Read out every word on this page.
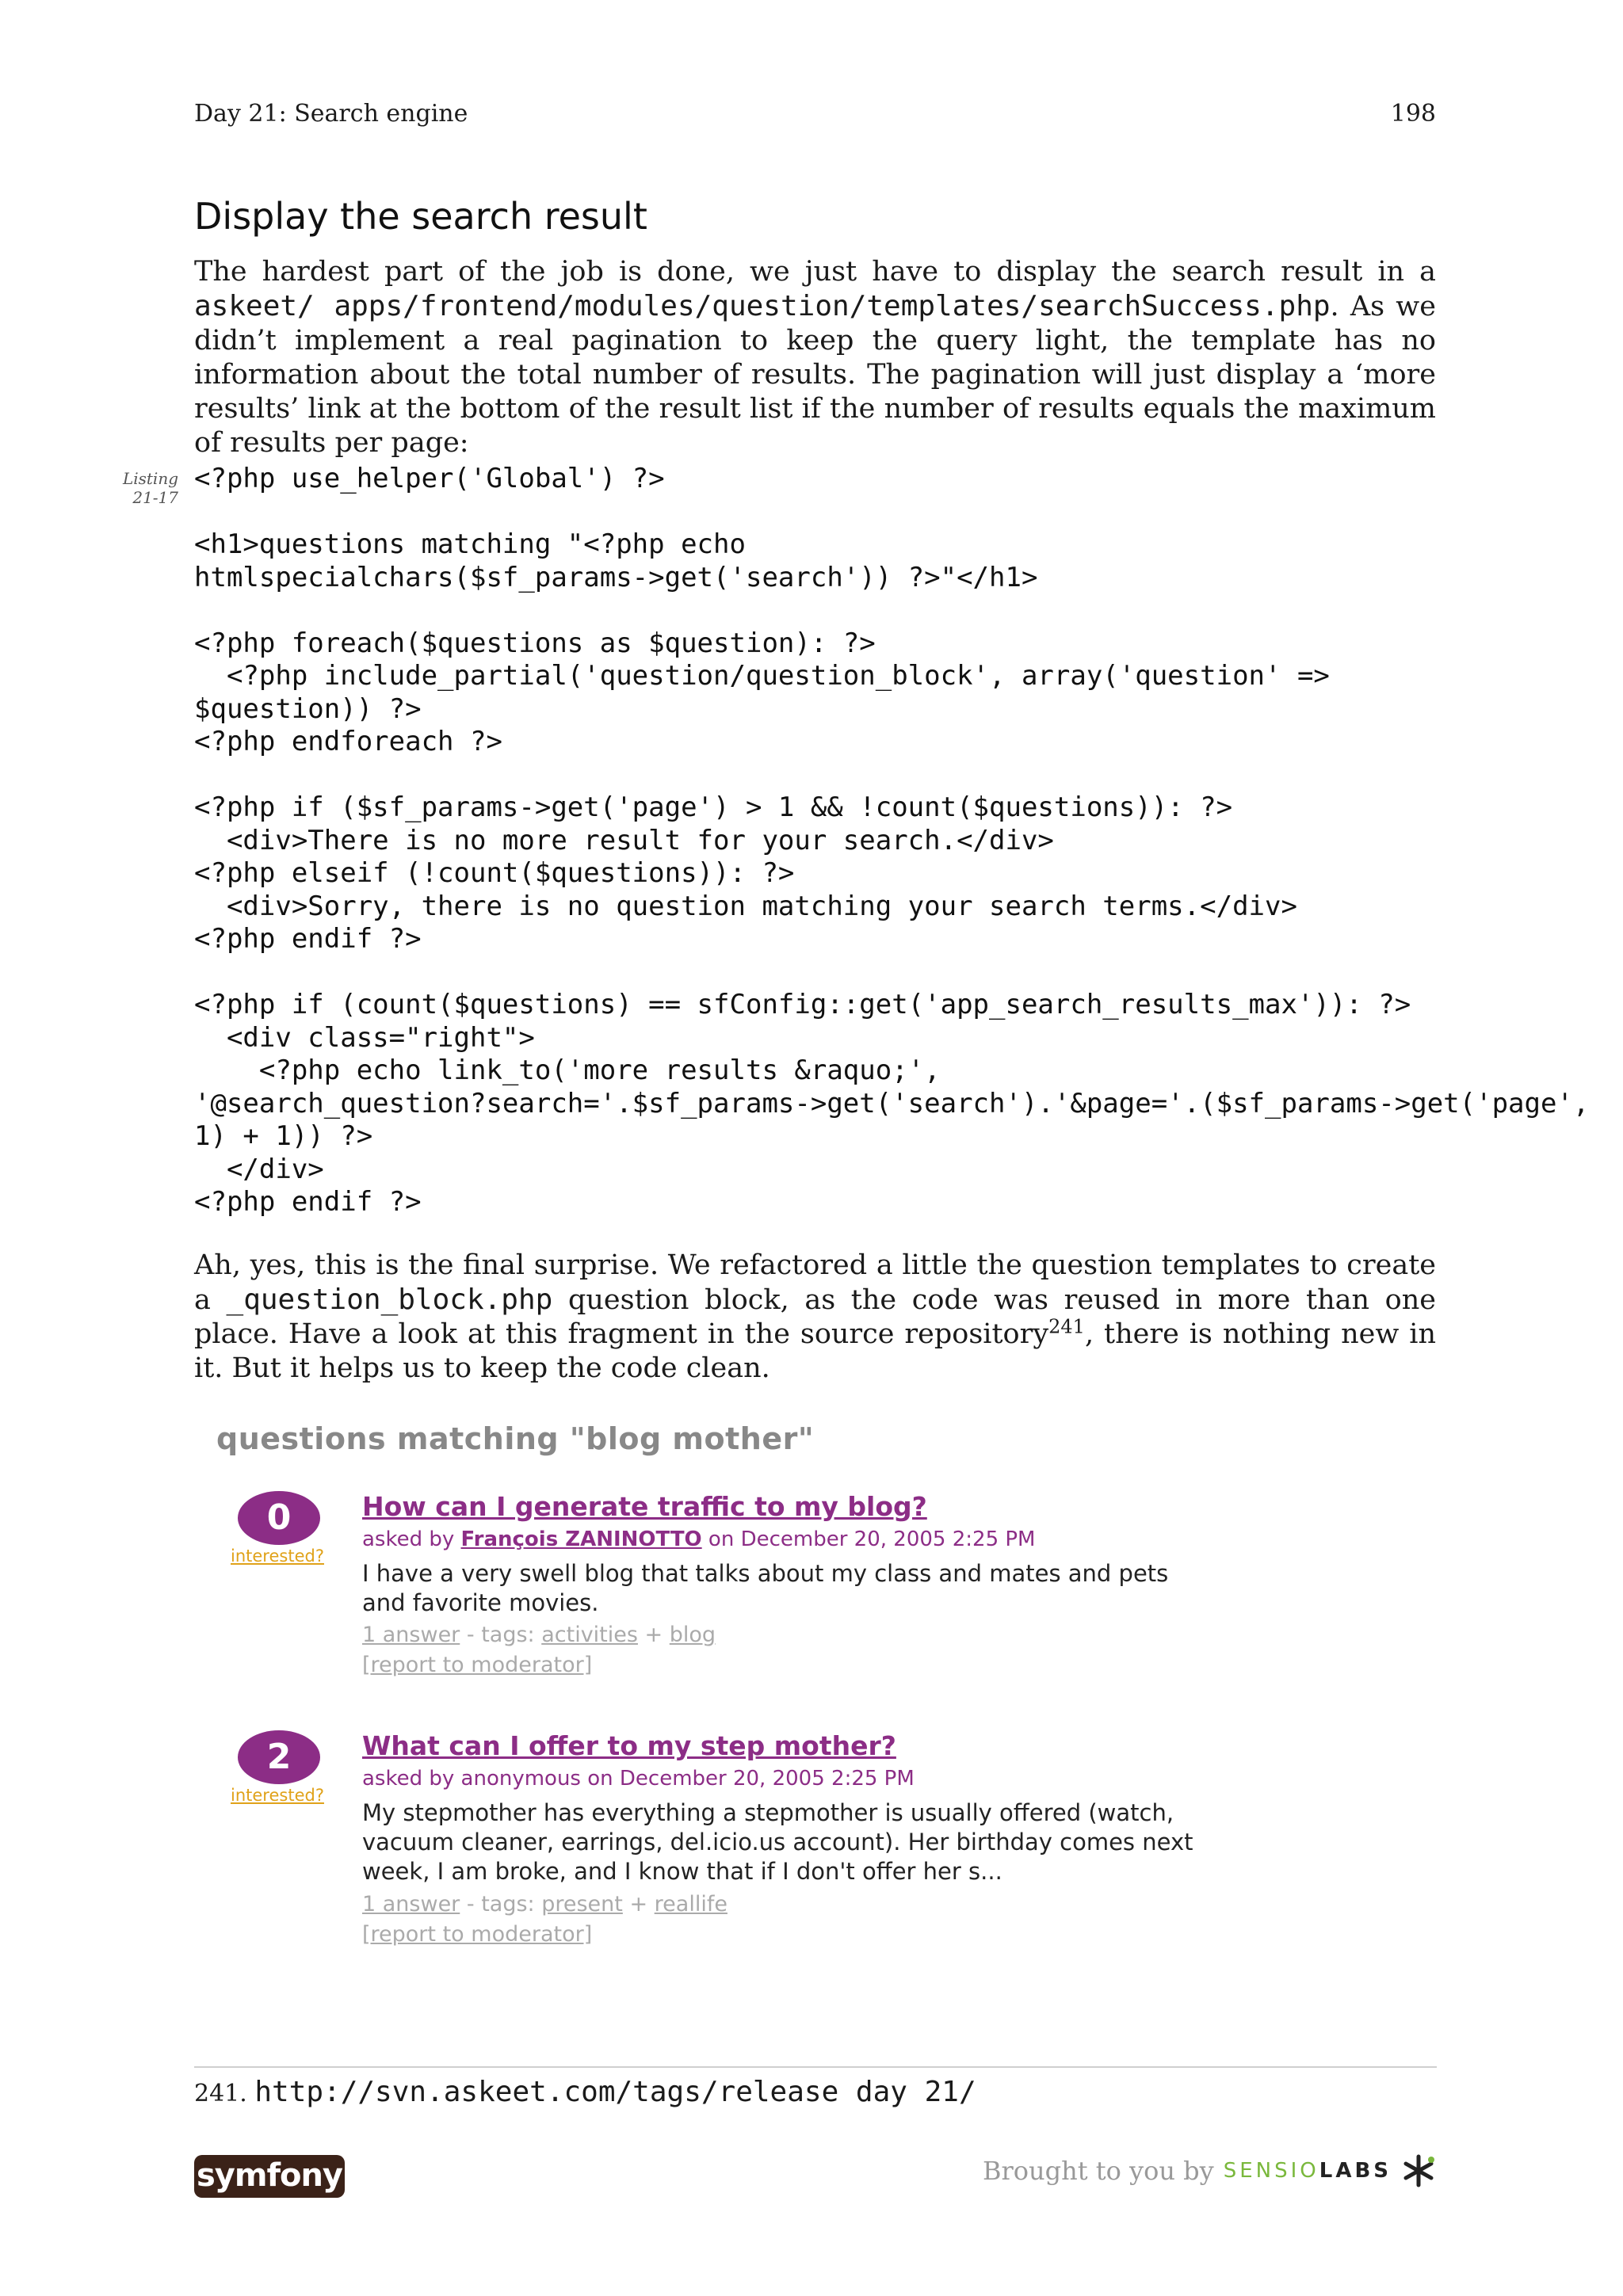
Day 21: Search engine	198
Display the search result
The hardest part of the job is done, we just have to display the search result in a askeet/ apps/frontend/modules/question/templates/searchSuccess.php. As we didn’t implement a real pagination to keep the query light, the template has no information about the total number of results. The pagination will just display a ‘more results’ link at the bottom of the result list if the number of results equals the maximum of results per page:
Listing
21-17
<?php use_helper('Global') ?>

<h1>questions matching "<?php echo
htmlspecialchars($sf_params->get('search')) ?>"</h1>

<?php foreach($questions as $question): ?>
<?php include_partial('question/question_block', array('question' =>
$question)) ?>
<?php endforeach ?>

<?php if ($sf_params->get('page') > 1 && !count($questions)): ?>
<div>There is no more result for your search.</div>
<?php elseif (!count($questions)): ?>
<div>Sorry, there is no question matching your search terms.</div>
<?php endif ?>

<?php if (count($questions) == sfConfig::get('app_search_results_max')): ?>
<div class="right">
<?php echo link_to('more results &raquo;',
'@search_question?search='.$sf_params->get('search').'&page='.($sf_params->get('page',
1) + 1)) ?>
</div>
<?php endif ?>
Ah, yes, this is the final surprise. We refactored a little the question templates to create a _question_block.php question block, as the code was reused in more than one place. Have a look at this fragment in the source repository$^{241}$, there is nothing new in it. But it helps us to keep the code clean.
questions matching "blog mother"
0
interested?
How can I generate traffic to my blog?
asked by François ZANINOTTO on December 20, 2005 2:25 PM
I have a very swell blog that talks about my class and mates and pets and favorite movies.
1 answer - tags: activities + blog
[report to moderator]
2
interested?
What can I offer to my step mother?
asked by anonymous on December 20, 2005 2:25 PM
My stepmother has everything a stepmother is usually offered (watch, vacuum cleaner, earrings, del.icio.us account). Her birthday comes next week, I am broke, and I know that if I don't offer her s...
1 answer - tags: present + reallife
[report to moderator]
241. http://svn.askeet.com/tags/release day 21/
symfony	Brought to you by SENSIOLABS
